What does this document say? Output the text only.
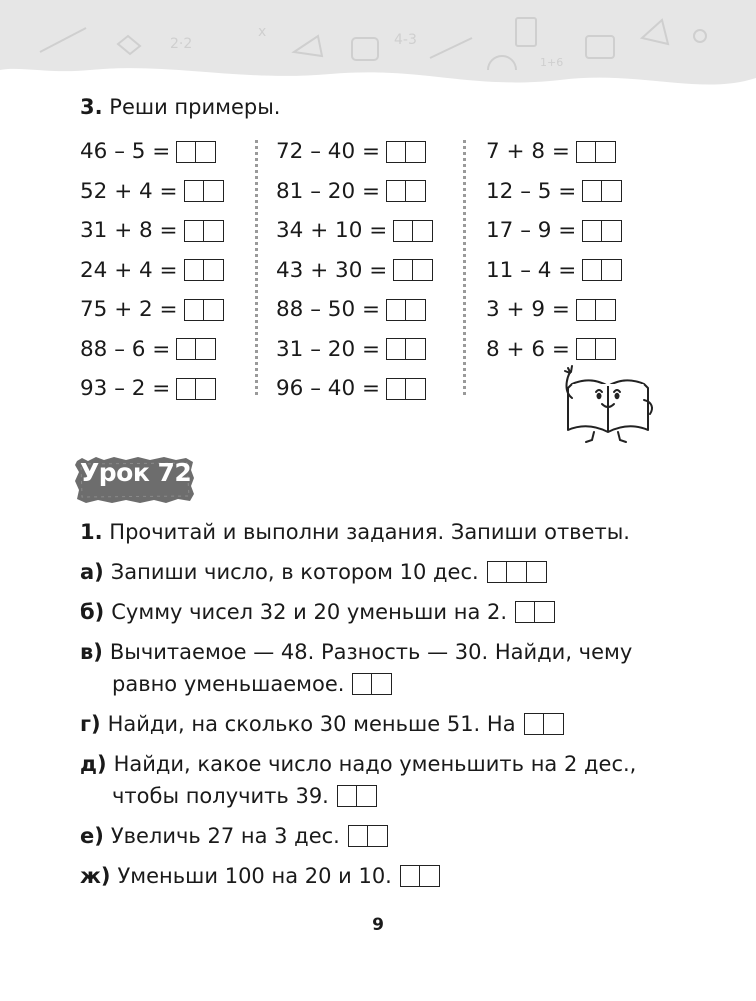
2·2
x	4-3
1+6
3. Реши примеры.
46 – 5 =
52 + 4 =
31 + 8 =
24 + 4 =
75 + 2 =
88 – 6 =
93 – 2 =
72 – 40 =
81 – 20 =
34 + 10 =
43 + 30 =
88 – 50 =
31 – 20 =
96 – 40 =
7 + 8 =
12 – 5 =
17 – 9 =
11 – 4 =
3 + 9 =
8 + 6 =
Урок 72
1. Прочитай и выполни задания. Запиши ответы.
а) Запиши число, в котором 10 дес.
б) Сумму чисел 32 и 20 уменьши на 2.
в) Вычитаемое — 48. Разность — 30. Найди, чему
равно уменьшаемое.
г) Найди, на сколько 30 меньше 51. На
д) Найди, какое число надо уменьшить на 2 дес.,
чтобы получить 39.
е) Увеличь 27 на 3 дес.
ж) Уменьши 100 на 20 и 10.
9
